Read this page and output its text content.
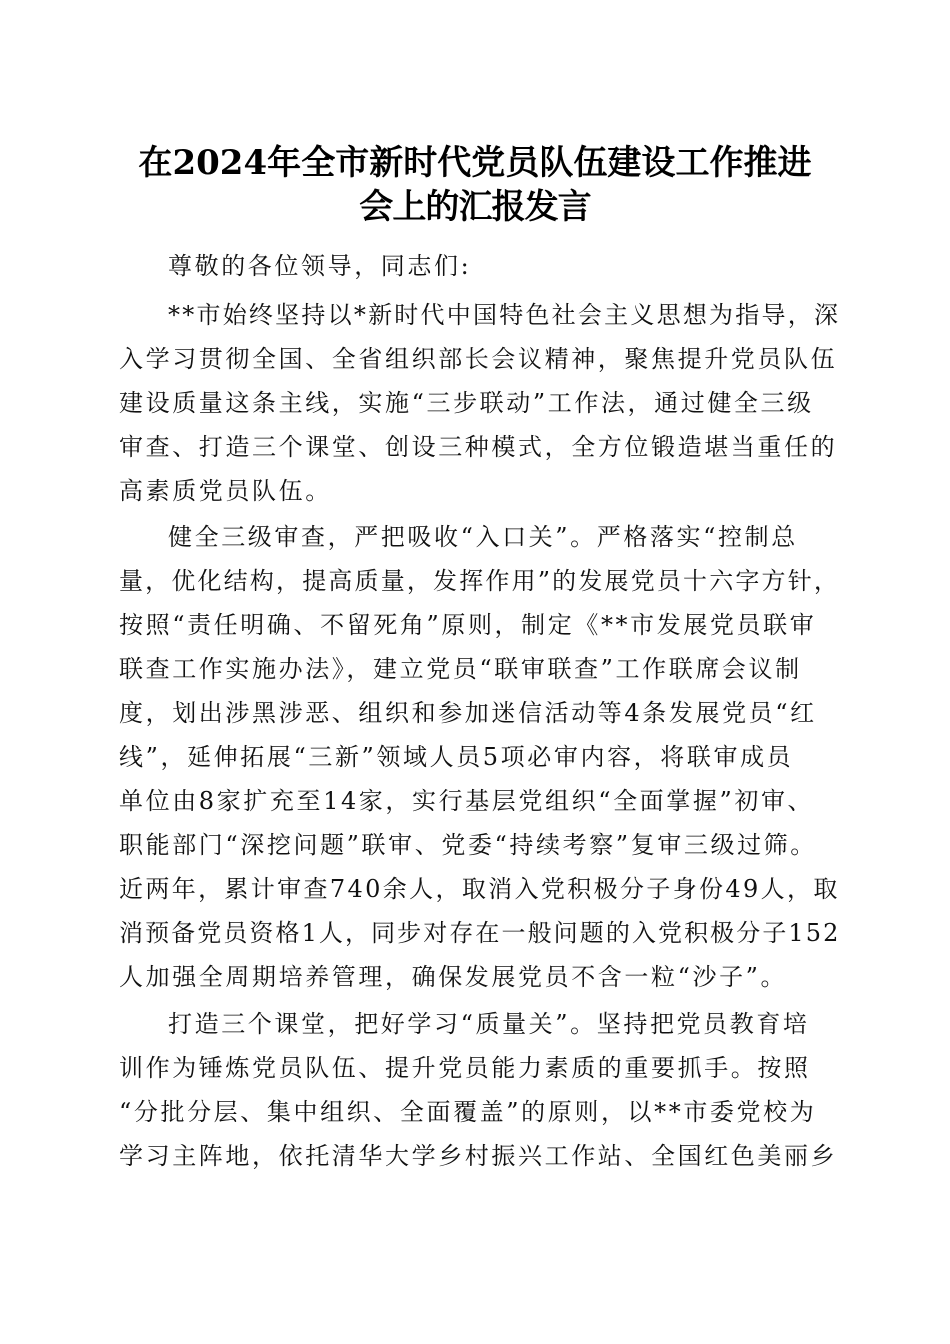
在2024年全市新时代党员队伍建设工作推进
会上的汇报发言
尊敬的各位领导，同志们:
**市始终坚持以*新时代中国特色社会主义思想为指导，深
入学习贯彻全国、全省组织部长会议精神，聚焦提升党员队伍
建设质量这条主线，实施“三步联动”工作法，通过健全三级
审查、打造三个课堂、创设三种模式，全方位锻造堪当重任的
高素质党员队伍。
健全三级审查，严把吸收“入口关”。严格落实“控制总
量，优化结构，提高质量，发挥作用”的发展党员十六字方针，
按照“责任明确、不留死角”原则，制定《**市发展党员联审
联查工作实施办法》，建立党员“联审联查”工作联席会议制
度，划出涉黑涉恶、组织和参加迷信活动等4条发展党员“红
线”，延伸拓展“三新”领域人员5项必审内容，将联审成员
单位由8家扩充至14家，实行基层党组织“全面掌握”初审、
职能部门“深挖问题”联审、党委“持续考察”复审三级过筛。
近两年，累计审查740余人，取消入党积极分子身份49人，取
消预备党员资格1人，同步对存在一般问题的入党积极分子152
人加强全周期培养管理，确保发展党员不含一粒“沙子”。
打造三个课堂，把好学习“质量关”。坚持把党员教育培
训作为锤炼党员队伍、提升党员能力素质的重要抓手。按照
“分批分层、集中组织、全面覆盖”的原则，以**市委党校为
学习主阵地，依托清华大学乡村振兴工作站、全国红色美丽乡
